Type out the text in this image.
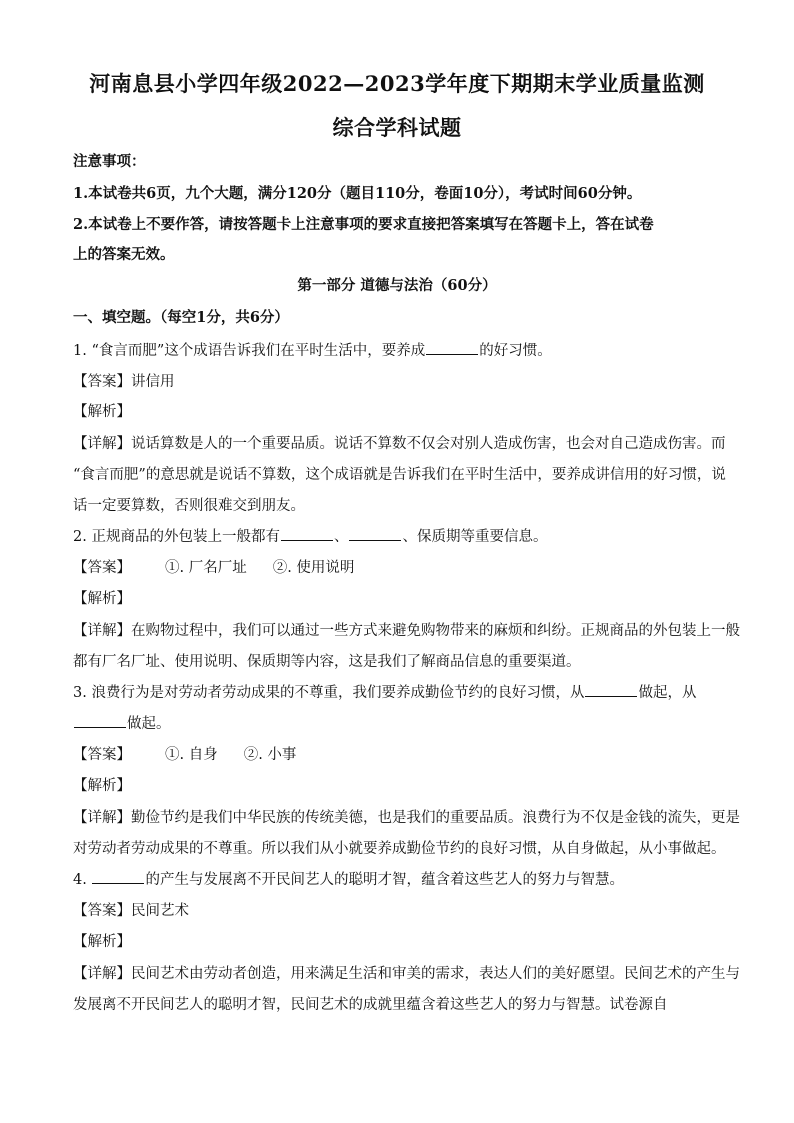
河南息县小学四年级2022—2023学年度下期期末学业质量监测
综合学科试题
注意事项：
1.本试卷共6页，九个大题，满分120分（题目110分，卷面10分），考试时间60分钟。
2.本试卷上不要作答，请按答题卡上注意事项的要求直接把答案填写在答题卡上，答在试卷
上的答案无效。
第一部分 道德与法治（60分）
一、填空题。（每空1分，共6分）
1. “食言而肥”这个成语告诉我们在平时生活中，要养成	的好习惯。
【答案】讲信用
【解析】
【详解】说话算数是人的一个重要品质。说话不算数不仅会对别人造成伤害，也会对自己造成伤害。而
“食言而肥”的意思就是说话不算数，这个成语就是告诉我们在平时生活中，要养成讲信用的好习惯，说
话一定要算数，否则很难交到朋友。
2. 正规商品的外包装上一般都有	、	、保质期等重要信息。
【答案】 ①. 厂名厂址 ②. 使用说明
【解析】
【详解】在购物过程中，我们可以通过一些方式来避免购物带来的麻烦和纠纷。正规商品的外包装上一般
都有厂名厂址、使用说明、保质期等内容，这是我们了解商品信息的重要渠道。
3. 浪费行为是对劳动者劳动成果的不尊重，我们要养成勤俭节约的良好习惯，从	做起，从
做起。
【答案】 ①. 自身 ②. 小事
【解析】
【详解】勤俭节约是我们中华民族的传统美德，也是我们的重要品质。浪费行为不仅是金钱的流失，更是
对劳动者劳动成果的不尊重。所以我们从小就要养成勤俭节约的良好习惯，从自身做起，从小事做起。
4.	的产生与发展离不开民间艺人的聪明才智，蕴含着这些艺人的努力与智慧。
【答案】民间艺术
【解析】
【详解】民间艺术由劳动者创造，用来满足生活和审美的需求，表达人们的美好愿望。民间艺术的产生与
发展离不开民间艺人的聪明才智，民间艺术的成就里蕴含着这些艺人的努力与智慧。试卷源自
